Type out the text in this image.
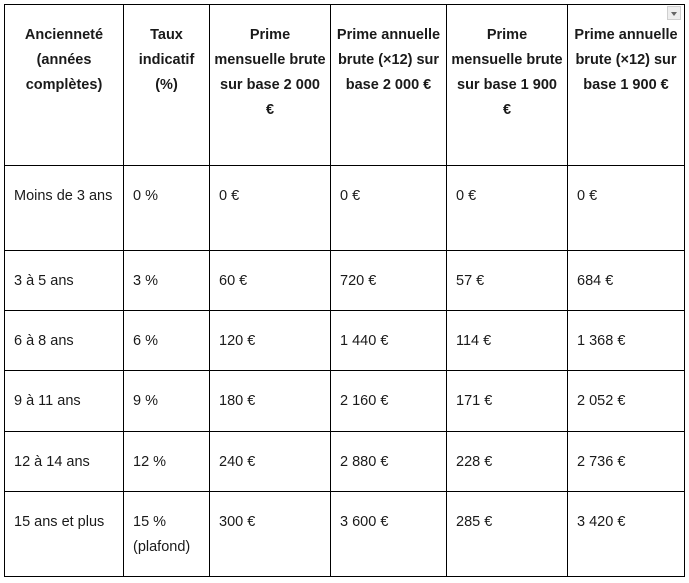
Ancienneté (années complètes)	Taux indicatif (%)	Prime mensuelle brute sur base 2 000 €	Prime annuelle brute (×12) sur base 2 000 €	Prime mensuelle brute sur base 1 900 €	Prime annuelle brute (×12) sur base 1 900 €

Moins de 3 ans	0 %	0 €	0 €	0 €	0 €
3 à 5 ans	3 %	60 €	720 €	57 €	684 €
6 à 8 ans	6 %	120 €	1 440 €	114 €	1 368 €
9 à 11 ans	9 %	180 €	2 160 €	171 €	2 052 €
12 à 14 ans	12 %	240 €	2 880 €	228 €	2 736 €
15 ans et plus	15 % (plafond)	300 €	3 600 €	285 €	3 420 €
